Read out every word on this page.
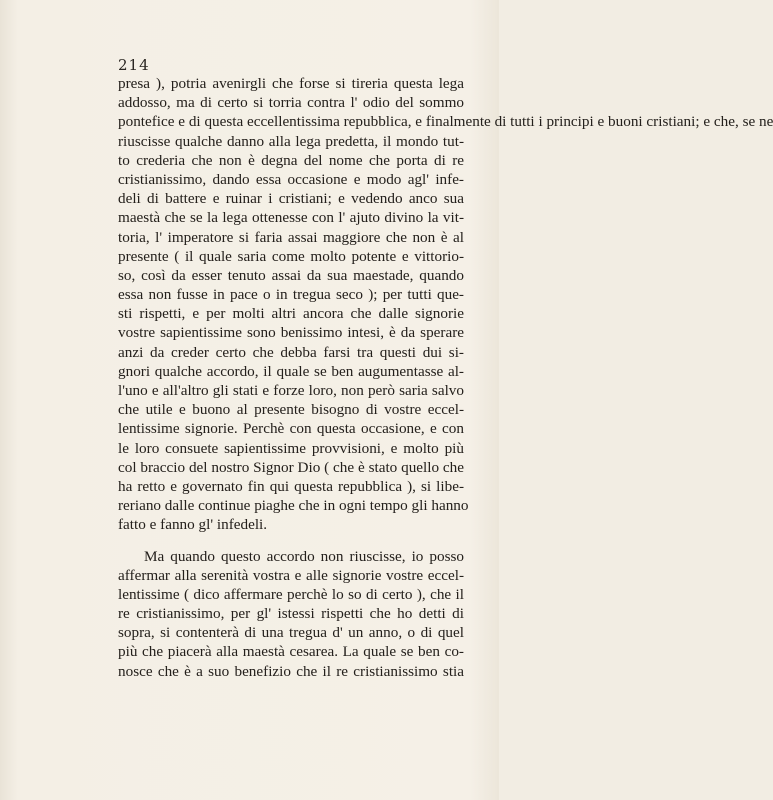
214
presa ), potria avenirgli che forse si tireria questa lega
addosso, ma di certo si torria contra l' odio del sommo
pontefice e di questa eccellentissima repubblica, e finalmente di tutti i principi e buoni cristiani; e che, se ne
riuscisse qualche danno alla lega predetta, il mondo tut-
to crederia che non è degna del nome che porta di re
cristianissimo, dando essa occasione e modo agl' infe-
deli di battere e ruinar i cristiani; e vedendo anco sua
maestà che se la lega ottenesse con l' ajuto divino la vit-
toria, l' imperatore si faria assai maggiore che non è al
presente ( il quale saria come molto potente e vittorio-
so, così da esser tenuto assai da sua maestade, quando
essa non fusse in pace o in tregua seco ); per tutti que-
sti rispetti, e per molti altri ancora che dalle signorie
vostre sapientissime sono benissimo intesi, è da sperare
anzi da creder certo che debba farsi tra questi dui si-
gnori qualche accordo, il quale se ben augumentasse al-
l'uno e all'altro gli stati e forze loro, non però saria salvo
che utile e buono al presente bisogno di vostre eccel-
lentissime signorie. Perchè con questa occasione, e con
le loro consuete sapientissime provvisioni, e molto più
col braccio del nostro Signor Dio ( che è stato quello che
ha retto e governato fin qui questa repubblica ), si libe-
reriano dalle continue piaghe che in ogni tempo gli hanno
fatto e fanno gl' infedeli.
Ma quando questo accordo non riuscisse, io posso
affermar alla serenità vostra e alle signorie vostre eccel-
lentissime ( dico affermare perchè lo so di certo ), che il
re cristianissimo, per gl' istessi rispetti che ho detti di
sopra, si contenterà di una tregua d' un anno, o di quel
più che piacerà alla maestà cesarea. La quale se ben co-
nosce che è a suo benefizio che il re cristianissimo stia
